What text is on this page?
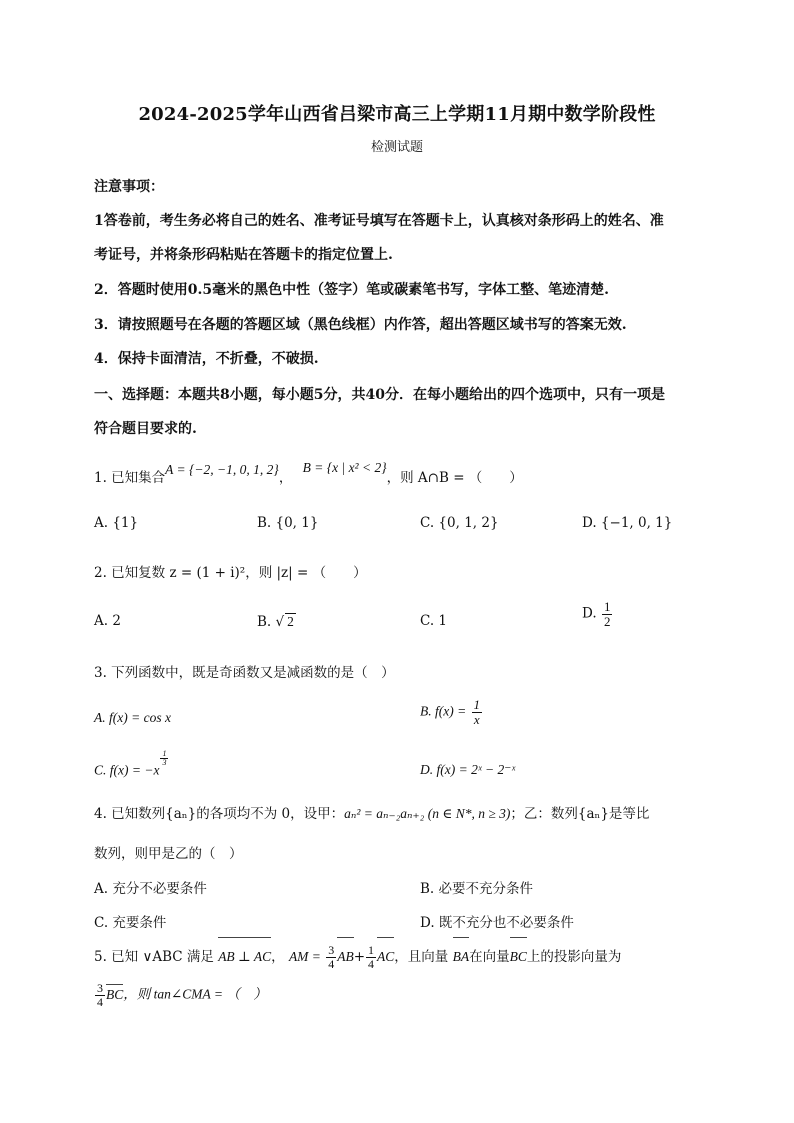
2024-2025学年山西省吕梁市高三上学期11月期中数学阶段性
检测试题
注意事项：
1答卷前，考生务必将自己的姓名、准考证号填写在答题卡上，认真核对条形码上的姓名、准
考证号，并将条形码粘贴在答题卡的指定位置上.
2．答题时使用0.5毫米的黑色中性（签字）笔或碳素笔书写，字体工整、笔迹清楚.
3．请按照题号在各题的答题区域（黑色线框）内作答，超出答题区域书写的答案无效.
4．保持卡面清洁，不折叠，不破损.
一、选择题：本题共8小题，每小题5分，共40分．在每小题给出的四个选项中，只有一项是
符合题目要求的.
1. 已知集合A = {−2, −1, 0, 1, 2}， B = {x | x² < 2}，则 A∩B = （　　）
A. {1}	B. {0, 1}	C. {0, 1, 2}	D. {−1, 0, 1}
2. 已知复数 z = (1 + i)²，则 |z| = （　　）
A. 2	B. √ 2	C. 1	D. $\frac{1}{2}$
3. 下列函数中，既是奇函数又是减函数的是（　）
A. f(x) = cos x	B. $f(x) = \frac{1}{x}$
C. f(x) = −x
$\frac{1}{3}$
D. f(x) = 2ˣ − 2⁻ˣ
4. 已知数列{aₙ}的各项均不为 0，设甲：aₙ² = aₙ₋₂aₙ₊₂ (n ∈ N*, n ≥ 3)；乙：数列{aₙ}是等比
数列，则甲是乙的（　）
A. 充分不必要条件	B. 必要不充分条件
C. 充要条件	D. 既不充分也不必要条件
5. 已知 ∨ABC 满足 AB ⊥ AC， AM = $\frac{3}{4} AB+ \frac{1}{4}$ AC，且向量 BA在向量BC上的投影向量为
$\frac{3}{4}$ BC，则 tan∠CMA = （　）
